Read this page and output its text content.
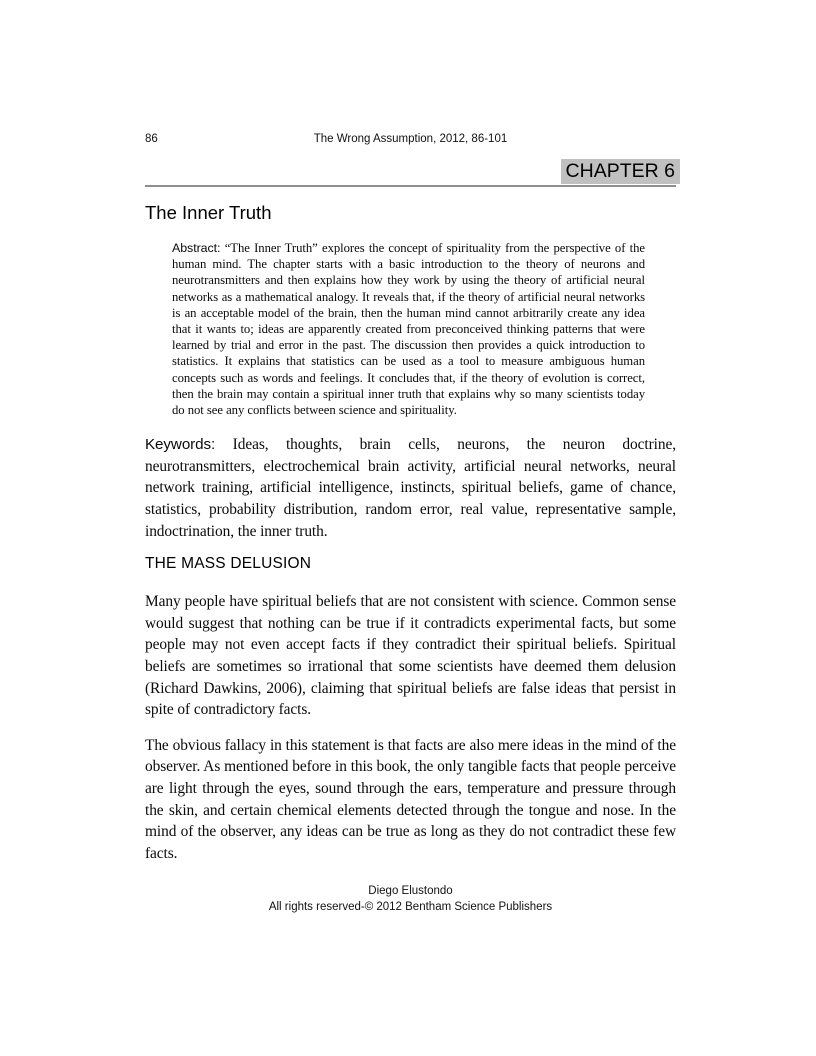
86	The Wrong Assumption, 2012, 86-101
CHAPTER 6
The Inner Truth

Abstract: “The Inner Truth” explores the concept of spirituality from the perspective of the human mind. The chapter starts with a basic introduction to the theory of neurons and neurotransmitters and then explains how they work by using the theory of artificial neural networks as a mathematical analogy. It reveals that, if the theory of artificial neural networks is an acceptable model of the brain, then the human mind cannot arbitrarily create any idea that it wants to; ideas are apparently created from preconceived thinking patterns that were learned by trial and error in the past. The discussion then provides a quick introduction to statistics. It explains that statistics can be used as a tool to measure ambiguous human concepts such as words and feelings. It concludes that, if the theory of evolution is correct, then the brain may contain a spiritual inner truth that explains why so many scientists today do not see any conflicts between science and spirituality.

Keywords: Ideas, thoughts, brain cells, neurons, the neuron doctrine, neurotransmitters, electrochemical brain activity, artificial neural networks, neural network training, artificial intelligence, instincts, spiritual beliefs, game of chance, statistics, probability distribution, random error, real value, representative sample, indoctrination, the inner truth.

THE MASS DELUSION

Many people have spiritual beliefs that are not consistent with science. Common sense would suggest that nothing can be true if it contradicts experimental facts, but some people may not even accept facts if they contradict their spiritual beliefs. Spiritual beliefs are sometimes so irrational that some scientists have deemed them delusion (Richard Dawkins, 2006), claiming that spiritual beliefs are false ideas that persist in spite of contradictory facts.

The obvious fallacy in this statement is that facts are also mere ideas in the mind of the observer. As mentioned before in this book, the only tangible facts that people perceive are light through the eyes, sound through the ears, temperature and pressure through the skin, and certain chemical elements detected through the tongue and nose. In the mind of the observer, any ideas can be true as long as they do not contradict these few facts.

Diego Elustondo
All rights reserved-© 2012 Bentham Science Publishers
